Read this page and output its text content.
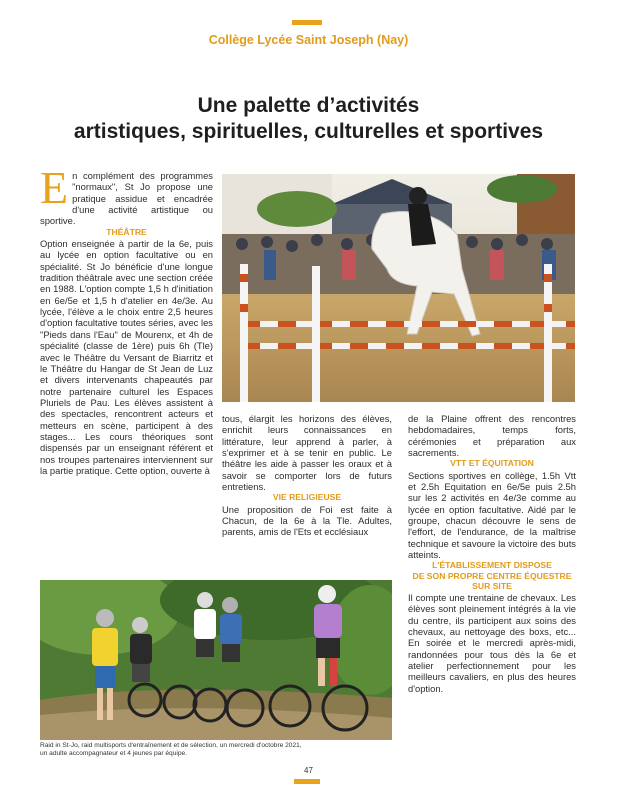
Collège Lycée Saint Joseph (Nay)
Une palette d’activités
artistiques, spirituelles, culturelles et sportives

En complément des programmes "normaux", St Jo propose une pratique assidue et encadrée d'une activité artistique ou sportive.

THÉÂTRE

Option enseignée à partir de la 6e, puis au lycée en option facultative ou en spécialité. St Jo bénéficie d'une longue tradition théâtrale avec une section créée en 1988. L'option compte 1,5 h d'initiation en 6e/5e et 1,5 h d'atelier en 4e/3e. Au lycée, l'élève a le choix entre 2,5 heures d'option facultative toutes séries, avec les "Pieds dans l'Eau" de Mourenx, et 4h de spécialité (classe de 1ère) puis 6h (Tle) avec le Théâtre du Versant de Biarritz et le Théâtre du Hangar de St Jean de Luz et divers intervenants chapeautés par notre partenaire culturel les Espaces Pluriels de Pau. Les élèves assistent à des spectacles, rencontrent acteurs et metteurs en scène, participent à des stages... Les cours théoriques sont dispensés par un enseignant référent et nos troupes partenaires interviennent sur la partie pratique. Cette option, ouverte à

tous, élargit les horizons des élèves, enrichit leurs connaissances en littérature, leur apprend à parler, à s'exprimer et à se tenir en public. Le théâtre les aide à passer les oraux et à savoir se comporter lors de futurs entretiens.

VIE RELIGIEUSE

Une proposition de Foi est faite à Chacun, de la 6e à la Tle. Adultes, parents, amis de l'Ets et ecclésiaux

de la Plaine offrent des rencontres hebdomadaires, temps forts, cérémonies et préparation aux sacrements.

VTT ET ÉQUITATION

Sections sportives en collège, 1.5h Vtt et 2.5h Equitation en 6e/5e puis 2.5h sur les 2 activités en 4e/3e comme au lycée en option facultative. Aidé par le groupe, chacun découvre le sens de l'effort, de l'endurance, de la maîtrise technique et savoure la victoire des buts atteints.

L'ÉTABLISSEMENT DISPOSE
DE SON PROPRE CENTRE ÉQUESTRE
SUR SITE

Il compte une trentaine de chevaux. Les élèves sont pleinement intégrés à la vie du centre, ils participent aux soins des chevaux, au nettoyage des boxs, etc... En soirée et le mercredi après-midi, randonnées pour tous dès la 6e et atelier perfectionnement pour les meilleurs cavaliers, en plus des heures d'option.

Raid in St-Jo, raid multisports d'entraînement et de sélection, un mercredi d'octobre 2021,
un adulte accompagnateur et 4 jeunes par équipe.
47
